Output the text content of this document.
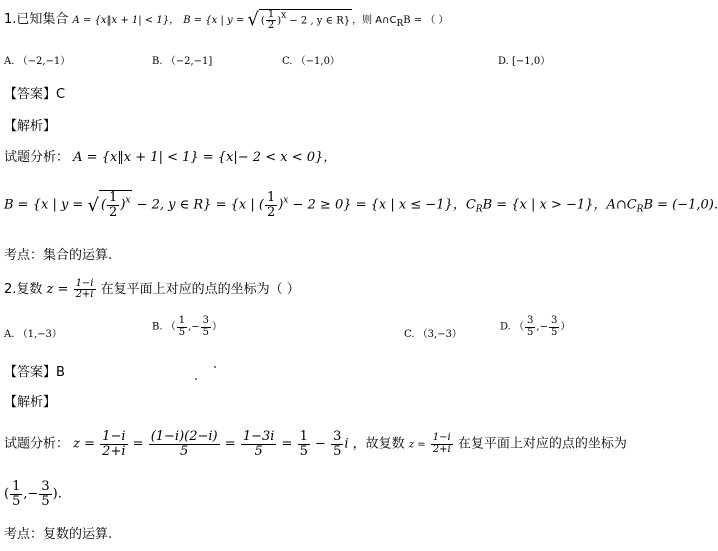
1.已知集合 A = {x‖x + 1| < 1}， B = {x | y = √ ( $\frac{1}{2} )x - 2$ , y ∈ R} ，则 $A\cap C_RB$ = （ ）
A. （−2,−1）	B. （−2,−1]	C. （−1,0）	D. [−1,0）
【答案】C
【解析】
试题分析： A = {x‖x + 1| < 1} = {x|− 2 < x < 0}，
B = {x | y = √ ( $\frac{1}{2} )^x - 2$, y ∈ R} = {x | ( $\frac{1}{2} )^x - 2 \ge 0\} = \{x$ | x ≤ −1}，$C_RB = \{x$ | x > −1}，$A\cap C_RB = (-1,0)$.
考点：集合的运算.
2.复数 $z = \frac{1-i}{2+i}$ 在复平面上对应的点的坐标为（ ）
A. （1,−3）
B. （ $\frac{1}{5}$ ,− $\frac{3}{5}$ ）
C. （3,−3）
D. （ $\frac{3}{5}$ ,− $\frac{3}{5}$ ）
【答案】B
【解析】
试题分析： $z = \frac{1-i}{2+i} = \frac{(1-i)(2-i)}{5} = \frac{1-3i}{5} = \frac{1}{5} - \frac{3}{5}$ i ，故复数 $z = \frac{1-i}{2+i}$ 在复平面上对应的点的坐标为
( $\frac{1}{5}$ ,− $\frac{3}{5}$ ).
考点：复数的运算.
